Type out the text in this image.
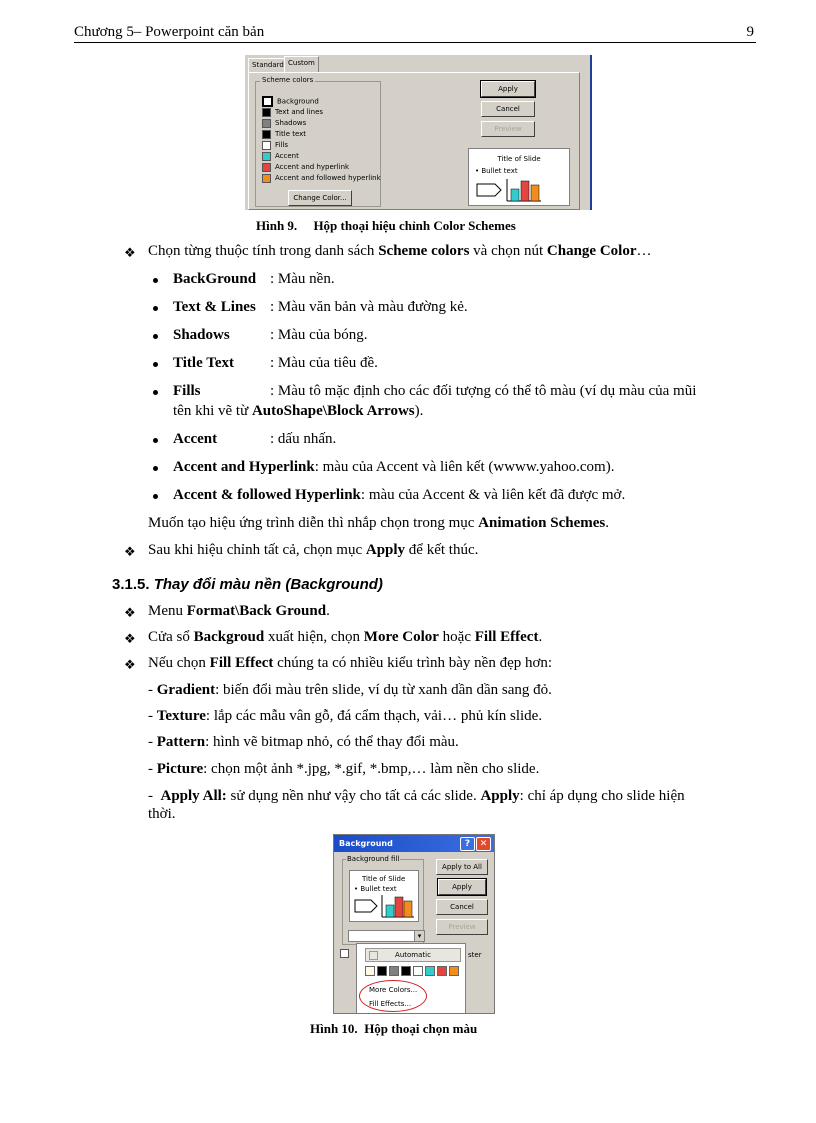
Chương 5– Powerpoint căn bản	9
Standard Custom
Scheme colors
Background
Text and lines
Shadows
Title text
Fills
Accent
Accent and hyperlink
Accent and followed hyperlink
Change Color...
Apply
Cancel
Preview
Title of Slide
• Bullet text
Hình 9. Hộp thoại hiệu chỉnh Color Schemes
❖ Chọn từng thuộc tính trong danh sách Scheme colors và chọn nút Change Color…
BackGround : Màu nền.
Text & Lines : Màu văn bản và màu đường kẻ.
Shadows	: Màu của bóng.
Title Text : Màu của tiêu đề.
Fills	: Màu tô mặc định cho các đối tượng có thể tô màu (ví dụ màu của mũi
tên khi vẽ từ AutoShape\Block Arrows).
Accent	: dấu nhấn.
Accent and Hyperlink: màu của Accent và liên kết (wwww.yahoo.com).
Accent & followed Hyperlink: màu của Accent & và liên kết đã được mở.
Muốn tạo hiệu ứng trình diễn thì nhắp chọn trong mục Animation Schemes.
❖ Sau khi hiệu chỉnh tất cả, chọn mục Apply để kết thúc.
3.1.5. Thay đổi màu nền (Background)
❖ Menu Format\Back Ground.
❖ Cửa sổ Backgroud xuất hiện, chọn More Color hoặc Fill Effect.
❖ Nếu chọn Fill Effect chúng ta có nhiều kiểu trình bày nền đẹp hơn:
- Gradient: biến đổi màu trên slide, ví dụ từ xanh dần dần sang đỏ.
- Texture: lắp các mẫu vân gỗ, đá cẩm thạch, vải… phủ kín slide.
- Pattern: hình vẽ bitmap nhỏ, có thể thay đổi màu.
- Picture: chọn một ảnh *.jpg, *.gif, *.bmp,… làm nền cho slide.
-  Apply All: sử dụng nền như vậy cho tất cả các slide. Apply: chỉ áp dụng cho slide hiện
thời.
Background	?	✕
Background fill
Title of Slide
• Bullet text
▾
Apply to All
Apply
Cancel
Preview
ster
Automatic
More Colors...
Fill Effects...
Hình 10. Hộp thoại chọn màu
